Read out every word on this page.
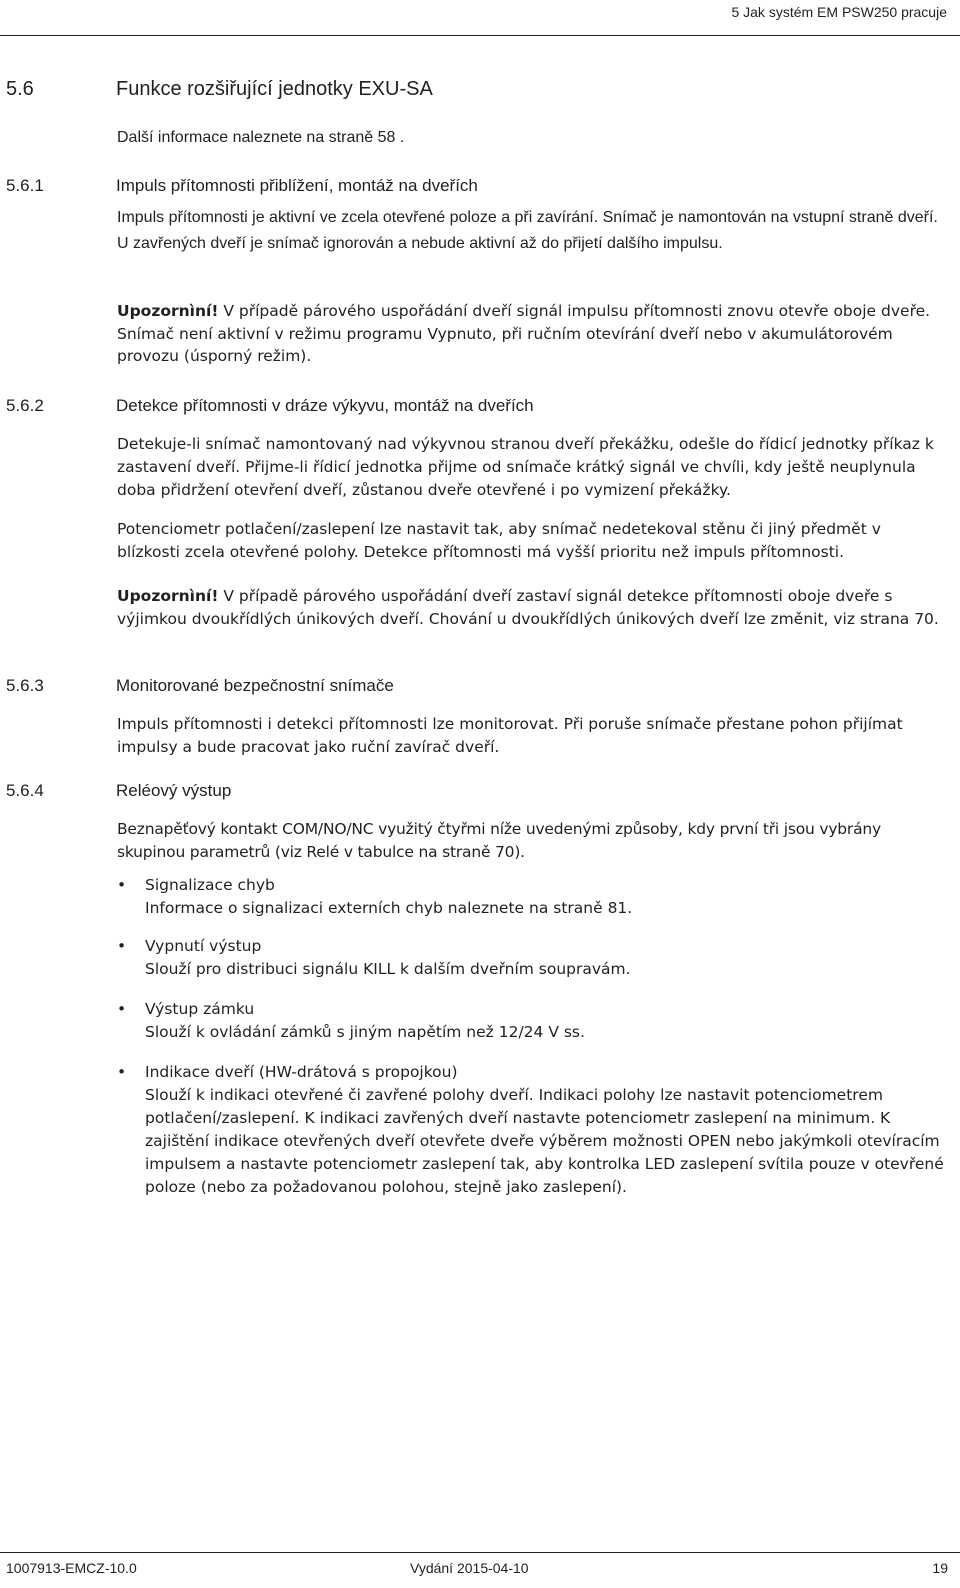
5 Jak systém EM PSW250 pracuje
5.6	Funkce rozšiřující jednotky EXU-SA
Další informace naleznete na straně 58 .
5.6.1	Impuls přítomnosti přiblížení, montáž na dveřích
Impuls přítomnosti je aktivní ve zcela otevřené poloze a při zavírání. Snímač je namontován na vstupní straně dveří. U zavřených dveří je snímač ignorován a nebude aktivní až do přijetí dalšího impulsu.
Upozornìní! V případě párového uspořádání dveří signál impulsu přítomnosti znovu otevře oboje dveře. Snímač není aktivní v režimu programu Vypnuto, při ručním otevírání dveří nebo v akumulátorovém provozu (úsporný režim).
5.6.2	Detekce přítomnosti v dráze výkyvu, montáž na dveřích
Detekuje-li snímač namontovaný nad výkyvnou stranou dveří překážku, odešle do řídicí jednotky příkaz k zastavení dveří. Přijme-li řídicí jednotka přijme od snímače krátký signál ve chvíli, kdy ještě neuplynula doba přidržení otevření dveří, zůstanou dveře otevřené i po vymizení překážky.
Potenciometr potlačení/zaslepení lze nastavit tak, aby snímač nedetekoval stěnu či jiný předmět v blízkosti zcela otevřené polohy. Detekce přítomnosti má vyšší prioritu než impuls přítomnosti.
Upozornìní! V případě párového uspořádání dveří zastaví signál detekce přítomnosti oboje dveře s výjimkou dvoukřídlých únikových dveří. Chování u dvoukřídlých únikových dveří lze změnit, viz strana 70.
5.6.3	Monitorované bezpečnostní snímače
Impuls přítomnosti i detekci přítomnosti lze monitorovat. Při poruše snímače přestane pohon přijímat impulsy a bude pracovat jako ruční zavírač dveří.
5.6.4	Reléový výstup
Beznapěťový kontakt COM/NO/NC využitý čtyřmi níže uvedenými způsoby, kdy první tři jsou vybrány skupinou parametrů (viz Relé v tabulce na straně 70).
• Signalizace chyb
Informace o signalizaci externích chyb naleznete na straně 81.
• Vypnutí výstup
Slouží pro distribuci signálu KILL k dalším dveřním soupravám.
• Výstup zámku
Slouží k ovládání zámků s jiným napětím než 12/24 V ss.
• Indikace dveří (HW-drátová s propojkou)
Slouží k indikaci otevřené či zavřené polohy dveří. Indikaci polohy lze nastavit potenciometrem potlačení/zaslepení. K indikaci zavřených dveří nastavte potenciometr zaslepení na minimum. K zajištění indikace otevřených dveří otevřete dveře výběrem možnosti OPEN nebo jakýmkoli otevíracím impulsem a nastavte potenciometr zaslepení tak, aby kontrolka LED zaslepení svítila pouze v otevřené poloze (nebo za požadovanou polohou, stejně jako zaslepení).
1007913-EMCZ-10.0	Vydání 2015-04-10	19
